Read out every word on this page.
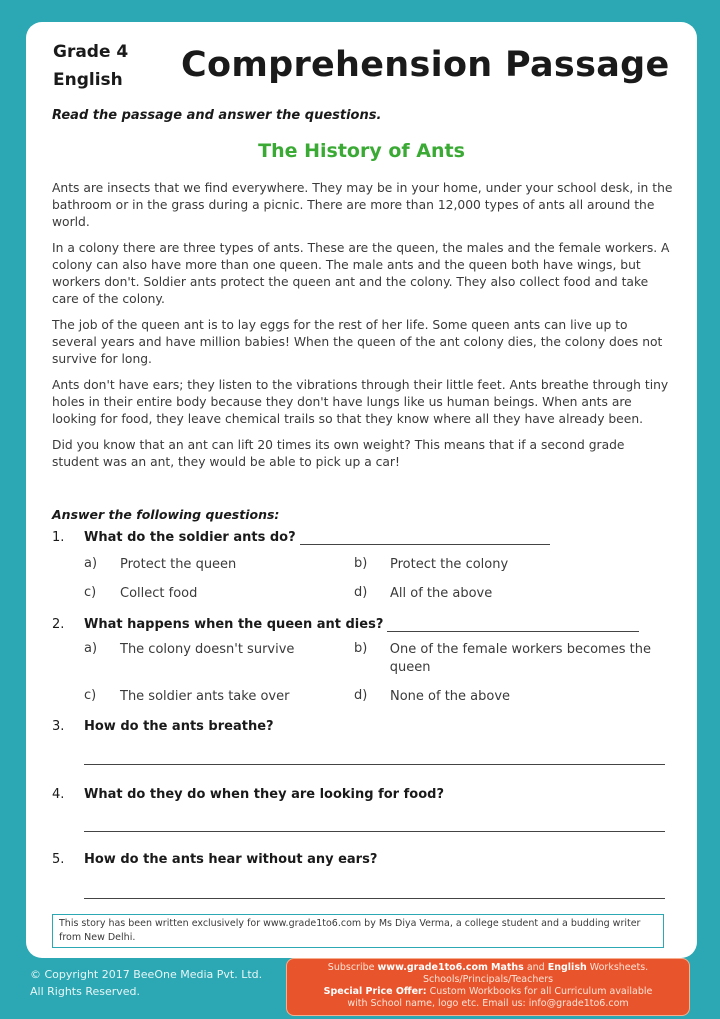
Grade 4
English Comprehension Passage
Read the passage and answer the questions.
The History of Ants

Ants are insects that we find everywhere. They may be in your home, under your school desk, in the bathroom or in the grass during a picnic. There are more than 12,000 types of ants all around the world.

In a colony there are three types of ants. These are the queen, the males and the female workers. A colony can also have more than one queen. The male ants and the queen both have wings, but workers don't. Soldier ants protect the queen ant and the colony. They also collect food and take care of the colony.

The job of the queen ant is to lay eggs for the rest of her life. Some queen ants can live up to several years and have million babies! When the queen of the ant colony dies, the colony does not survive for long.

Ants don't have ears; they listen to the vibrations through their little feet. Ants breathe through tiny holes in their entire body because they don't have lungs like us human beings. When ants are looking for food, they leave chemical trails so that they know where all they have already been.

Did you know that an ant can lift 20 times its own weight? This means that if a second grade student was an ant, they would be able to pick up a car!

Answer the following questions:
1.	What do the soldier ants do?
a)	Protect the queen	b)	Protect the colony
c)	Collect food	d)	All of the above
2.	What happens when the queen ant dies?
a)	The colony doesn't survive	b)	One of the female workers becomes the queen
c)	The soldier ants take over	d)	None of the above
3.	How do the ants breathe?
4.	What do they do when they are looking for food?
5.	How do the ants hear without any ears?
This story has been written exclusively for www.grade1to6.com by Ms Diya Verma, a college student and a budding writer from New Delhi.
© Copyright 2017 BeeOne Media Pvt. Ltd.
All Rights Reserved.
Subscribe www.grade1to6.com Maths and English Worksheets.
Schools/Principals/Teachers
Special Price Offer: Custom Workbooks for all Curriculum available
with School name, logo etc. Email us: info@grade1to6.com
